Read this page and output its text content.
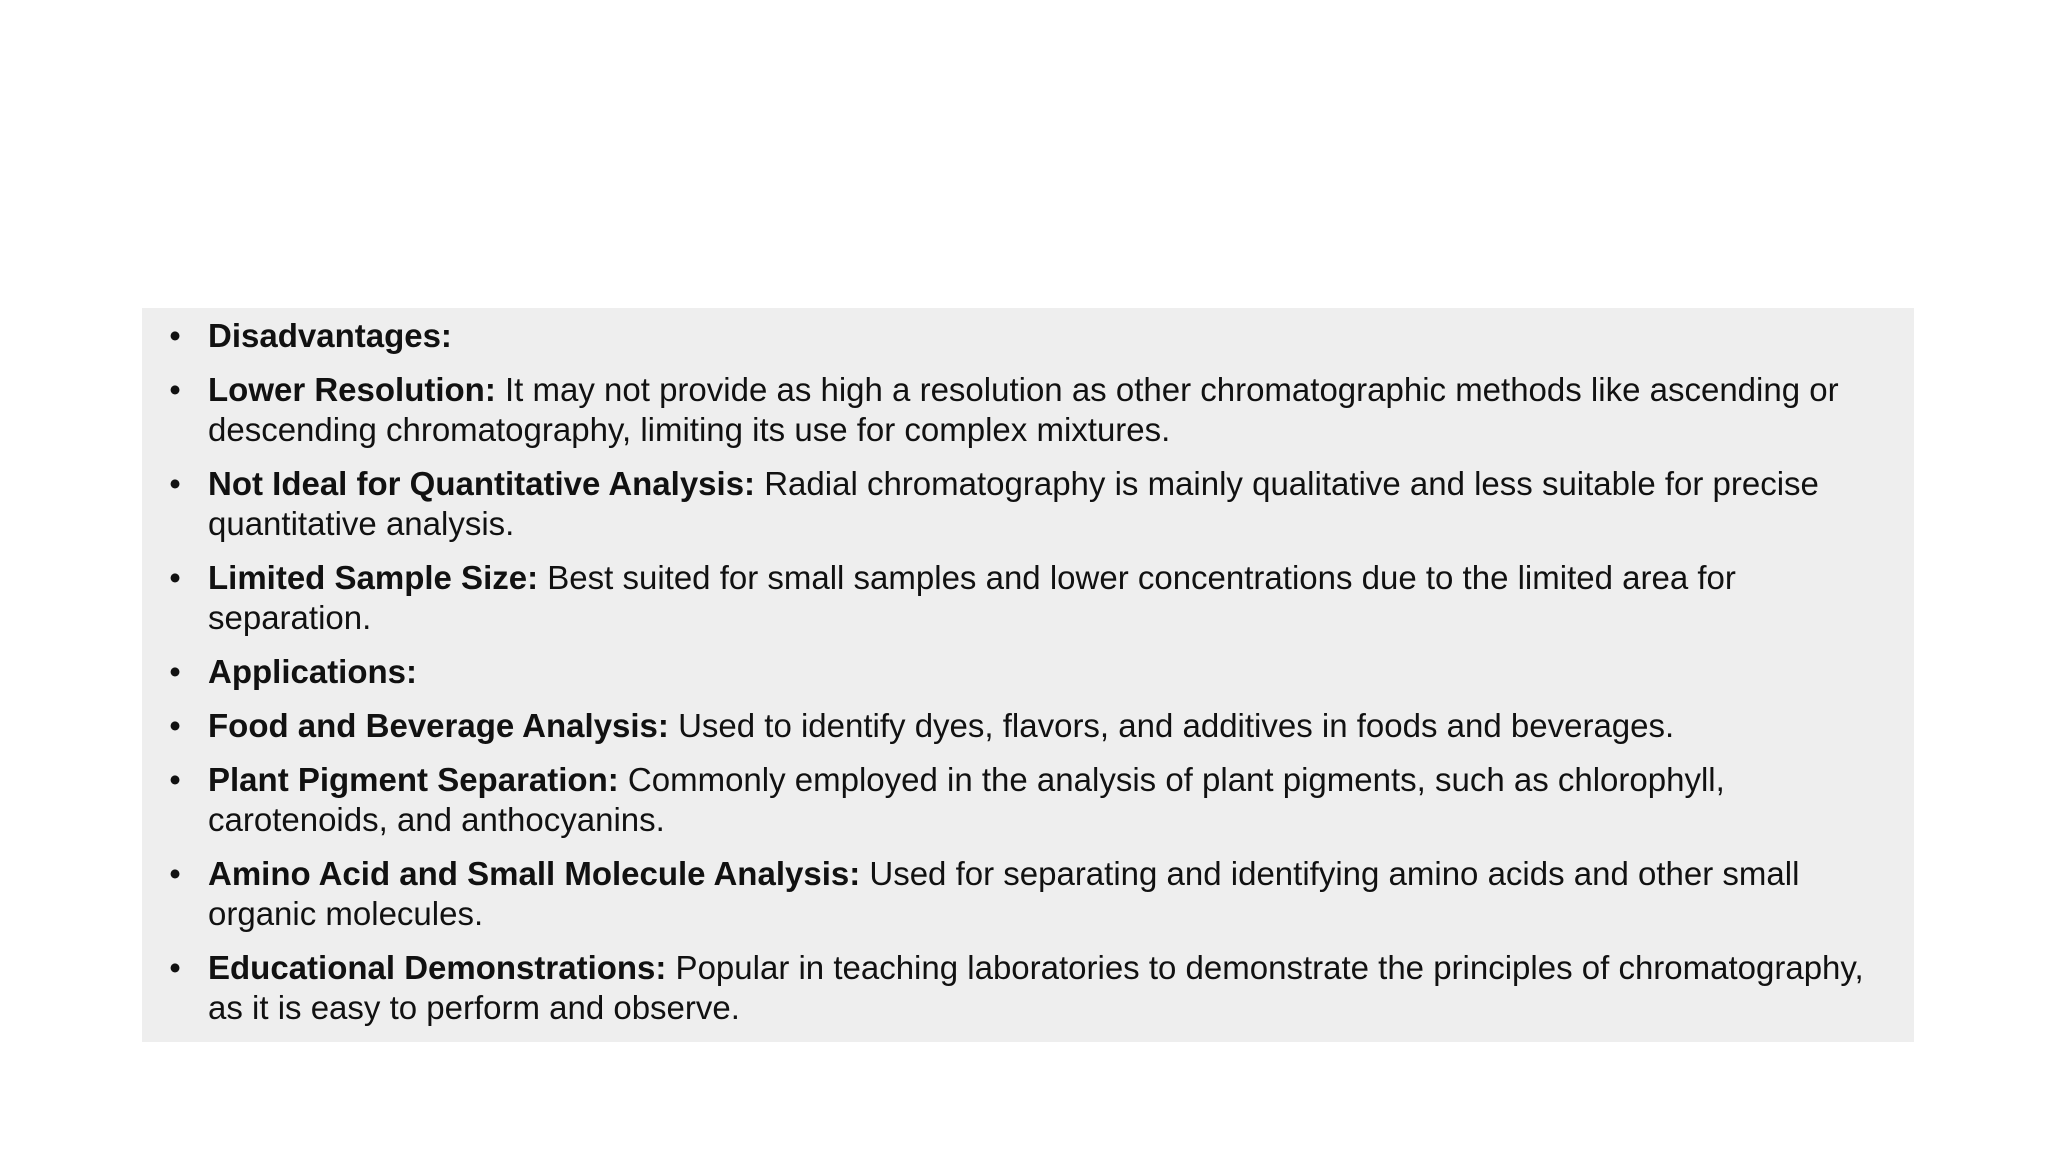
• Disadvantages:
• Lower Resolution: It may not provide as high a resolution as other chromatographic methods like ascending or descending chromatography, limiting its use for complex mixtures.
• Not Ideal for Quantitative Analysis: Radial chromatography is mainly qualitative and less suitable for precise quantitative analysis.
• Limited Sample Size: Best suited for small samples and lower concentrations due to the limited area for separation.
• Applications:
• Food and Beverage Analysis: Used to identify dyes, flavors, and additives in foods and beverages.
• Plant Pigment Separation: Commonly employed in the analysis of plant pigments, such as chlorophyll, carotenoids, and anthocyanins.
• Amino Acid and Small Molecule Analysis: Used for separating and identifying amino acids and other small organic molecules.
• Educational Demonstrations: Popular in teaching laboratories to demonstrate the principles of chromatography, as it is easy to perform and observe.
